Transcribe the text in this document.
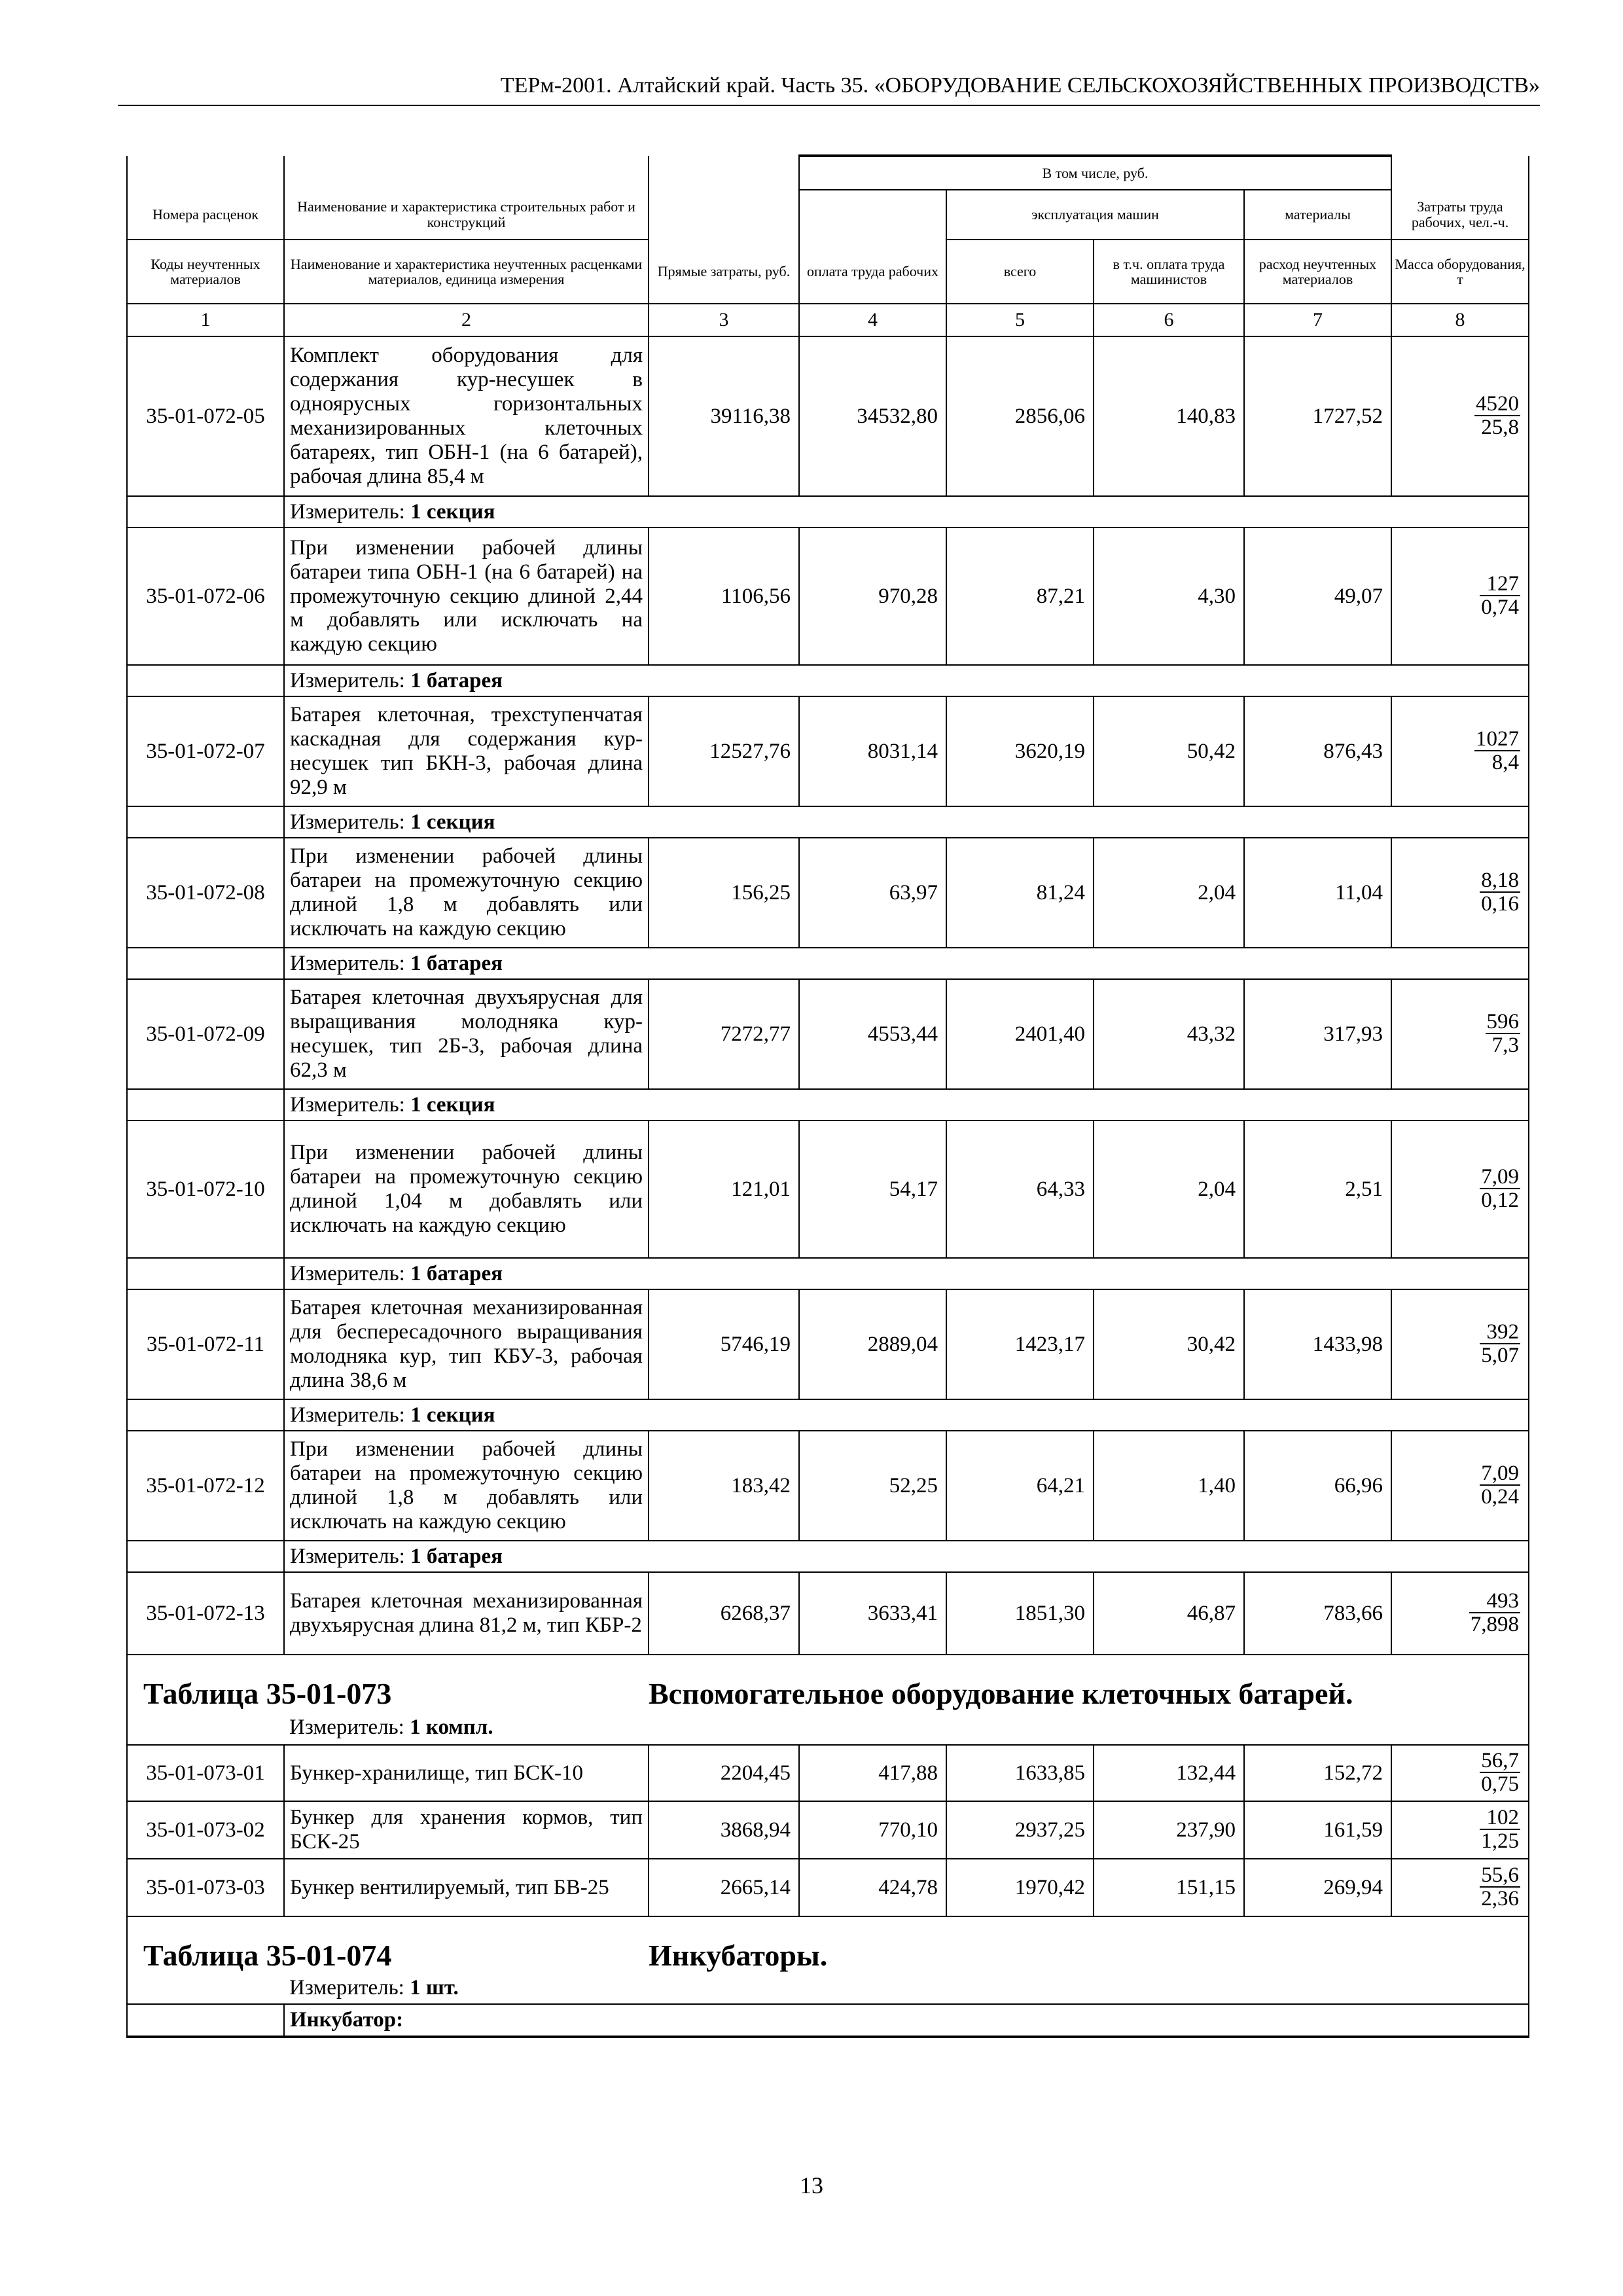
ТЕРм-2001. Алтайский край. Часть 35. «ОБОРУДОВАНИЕ СЕЛЬСКОХОЗЯЙСТВЕННЫХ ПРОИЗВОДСТВ»
			В том числе, руб.				
Номера расценок	Наименование и характеристика строительных работ и конструкций			эксплуатация машин		материалы	Затраты труда рабочих, чел.-ч.
Коды неучтенных материалов	Наименование и характеристика неучтенных расценками материалов, единица измерения	Прямые затраты, руб.	оплата труда рабочих	всего	в т.ч. оплата труда машинистов	расход неучтенных материалов	Масса оборудования, т
1	2	3	4	5	6	7	8
35-01-072-05	Комплект оборудования для содержания кур-несушек в одноярусных горизонтальных механизированных клеточных батареях, тип ОБН-1 (на 6 батарей), рабочая длина 85,4 м	39116,38	34532,80	2856,06	140,83	1727,52	$\frac{4520}{25,8}$

	Измеритель: 1 секция						
35-01-072-06	При изменении рабочей длины батареи типа ОБН-1 (на 6 батарей) на промежуточную секцию длиной 2,44 м добавлять или исключать на каждую секцию	1106,56	970,28	87,21	4,30	49,07	$\frac{127}{0,74}$

	Измеритель: 1 батарея						
35-01-072-07	Батарея клеточная, трехступенчатая каскадная для содержания кур-несушек тип БКН-3, рабочая длина 92,9 м	12527,76	8031,14	3620,19	50,42	876,43	$\frac{1027}{8,4}$

	Измеритель: 1 секция						
35-01-072-08	При изменении рабочей длины батареи на промежуточную секцию длиной 1,8 м добавлять или исключать на каждую секцию	156,25	63,97	81,24	2,04	11,04	$\frac{8,18}{0,16}$

	Измеритель: 1 батарея						
35-01-072-09	Батарея клеточная двухъярусная для выращивания молодняка кур-несушек, тип 2Б-3, рабочая длина 62,3 м	7272,77	4553,44	2401,40	43,32	317,93	$\frac{596}{7,3}$

	Измеритель: 1 секция						
35-01-072-10	При изменении рабочей длины батареи на промежуточную секцию длиной 1,04 м добавлять или исключать на каждую секцию	121,01	54,17	64,33	2,04	2,51	$\frac{7,09}{0,12}$

	Измеритель: 1 батарея						
35-01-072-11	Батарея клеточная механизированная для беспересадочного выращивания молодняка кур, тип КБУ-3, рабочая длина 38,6 м	5746,19	2889,04	1423,17	30,42	1433,98	$\frac{392}{5,07}$

	Измеритель: 1 секция						
35-01-072-12	При изменении рабочей длины батареи на промежуточную секцию длиной 1,8 м добавлять или исключать на каждую секцию	183,42	52,25	64,21	1,40	66,96	$\frac{7,09}{0,24}$

	Измеритель: 1 батарея						
35-01-072-13	Батарея клеточная механизированная двухъярусная длина 81,2 м, тип КБР-2	6268,37	3633,41	1851,30	46,87	783,66	$\frac{493}{7,898}$

Таблица 35-01-073		Вспомогательное оборудование клеточных батарей.					
	Измеритель: 1 компл.						
35-01-073-01	Бункер-хранилище, тип БСК-10	2204,45	417,88	1633,85	132,44	152,72	$\frac{56,7}{0,75}$

35-01-073-02	Бункер для хранения кормов, тип БСК-25	3868,94	770,10	2937,25	237,90	161,59	$\frac{102}{1,25}$

35-01-073-03	Бункер вентилируемый, тип БВ-25	2665,14	424,78	1970,42	151,15	269,94	$\frac{55,6}{2,36}$

Таблица 35-01-074		Инкубаторы.					
	Измеритель: 1 шт.						
	Инкубатор:						
13
